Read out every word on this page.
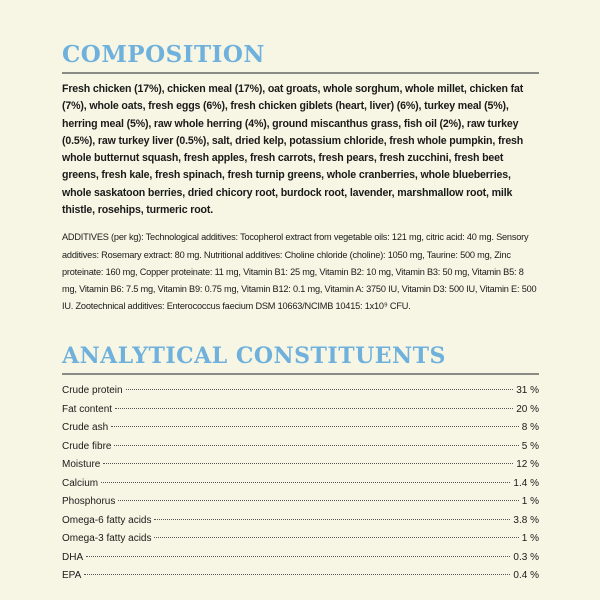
COMPOSITION

Fresh chicken (17%), chicken meal (17%), oat groats, whole sorghum, whole millet, chicken fat (7%), whole oats, fresh eggs (6%), fresh chicken giblets (heart, liver) (6%), turkey meal (5%), herring meal (5%), raw whole herring (4%), ground miscanthus grass, fish oil (2%), raw turkey (0.5%), raw turkey liver (0.5%), salt, dried kelp, potassium chloride, fresh whole pumpkin, fresh whole butternut squash, fresh apples, fresh carrots, fresh pears, fresh zucchini, fresh beet greens, fresh kale, fresh spinach, fresh turnip greens, whole cranberries, whole blueberries, whole saskatoon berries, dried chicory root, burdock root, lavender, marshmallow root, milk thistle, rosehips, turmeric root.

ADDITIVES (per kg): Technological additives: Tocopherol extract from vegetable oils: 121 mg, citric acid: 40 mg. Sensory additives: Rosemary extract: 80 mg. Nutritional additives: Choline chloride (choline): 1050 mg, Taurine: 500 mg, Zinc proteinate: 160 mg, Copper proteinate: 11 mg, Vitamin B1: 25 mg, Vitamin B2: 10 mg, Vitamin B3: 50 mg, Vitamin B5: 8 mg, Vitamin B6: 7.5 mg, Vitamin B9: 0.75 mg, Vitamin B12: 0.1 mg, Vitamin A: 3750 IU, Vitamin D3: 500 IU, Vitamin E: 500 IU. Zootechnical additives: Enterococcus faecium DSM 10663/NCIMB 10415: 1x10⁹ CFU.

ANALYTICAL CONSTITUENTS
Crude protein	31 %
Fat content	20 %
Crude ash	8 %
Crude fibre	5 %
Moisture	12 %
Calcium	1.4 %
Phosphorus	1 %
Omega-6 fatty acids	3.8 %
Omega-3 fatty acids	1 %
DHA	0.3 %
EPA	0.4 %
